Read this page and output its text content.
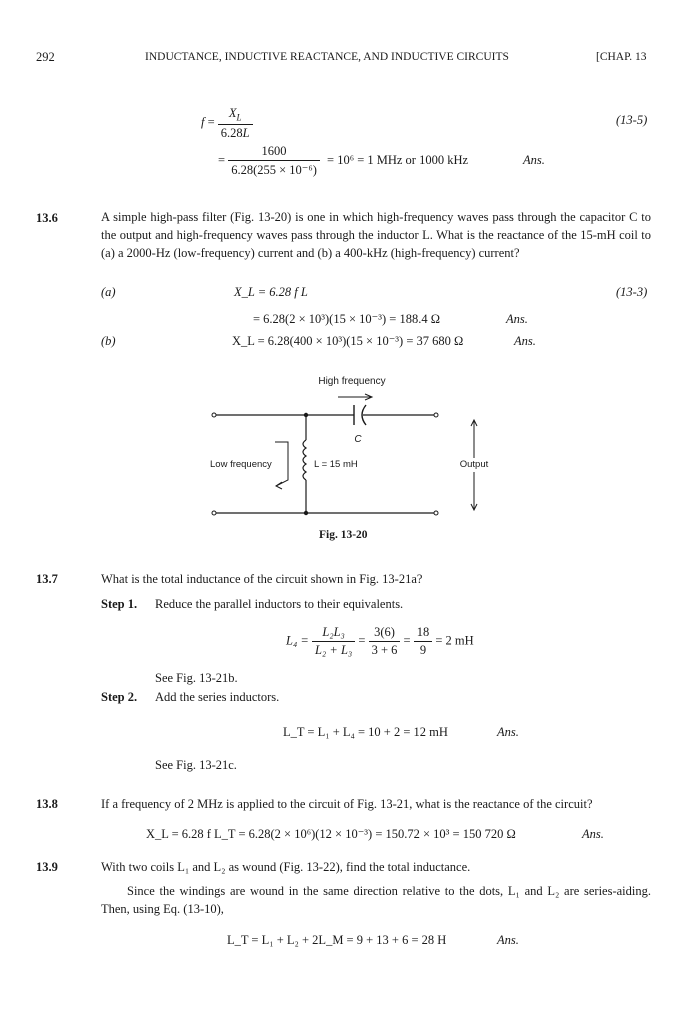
292	INDUCTANCE, INDUCTIVE REACTANCE, AND INDUCTIVE CIRCUITS	[CHAP. 13
$f = \frac{X_L}{6.28L}$	(13-5)
= $\frac{1600}{\text{6.28(255 × 10⁻⁶)}} = 10^6 = 1$ MHz or 1000 kHz	Ans.
13.6	A simple high-pass filter (Fig. 13-20) is one in which high-frequency waves pass through the capacitor C to the output and high-frequency waves pass through the inductor L. What is the reactance of the 15-mH coil to (a) a 2000-Hz (low-frequency) current and (b) a 400-kHz (high-frequency) current?
(a)	X_L = 6.28 f L	(13-3)
= 6.28(2 × 10³)(15 × 10⁻³) = 188.4 Ω	Ans.
(b)	X_L = 6.28(400 × 10³)(15 × 10⁻³) = 37 680 Ω	Ans.
High frequency
C
L = 15 mH
Low frequency	Output
Fig. 13-20
13.7	What is the total inductance of the circuit shown in Fig. 13-21a?
Step 1. Reduce the parallel inductors to their equivalents.
$L_4 = \frac{\text{L₂L₃}}{\text{L₂ + L₃}} = \frac{3(6)}{3 + 6} = \frac{18}{9} = 2$ mH
See Fig. 13-21b.
Step 2. Add the series inductors.
L_T = L₁ + L₄ = 10 + 2 = 12 mH	Ans.
See Fig. 13-21c.
13.8	If a frequency of 2 MHz is applied to the circuit of Fig. 13-21, what is the reactance of the circuit?
X_L = 6.28 f L_T = 6.28(2 × 10⁶)(12 × 10⁻³) = 150.72 × 10³ = 150 720 Ω	Ans.
13.9	With two coils L₁ and L₂ as wound (Fig. 13-22), find the total inductance.
Since the windings are wound in the same direction relative to the dots, L₁ and L₂ are series-aiding. Then, using Eq. (13-10),
L_T = L₁ + L₂ + 2L_M = 9 + 13 + 6 = 28 H	Ans.
